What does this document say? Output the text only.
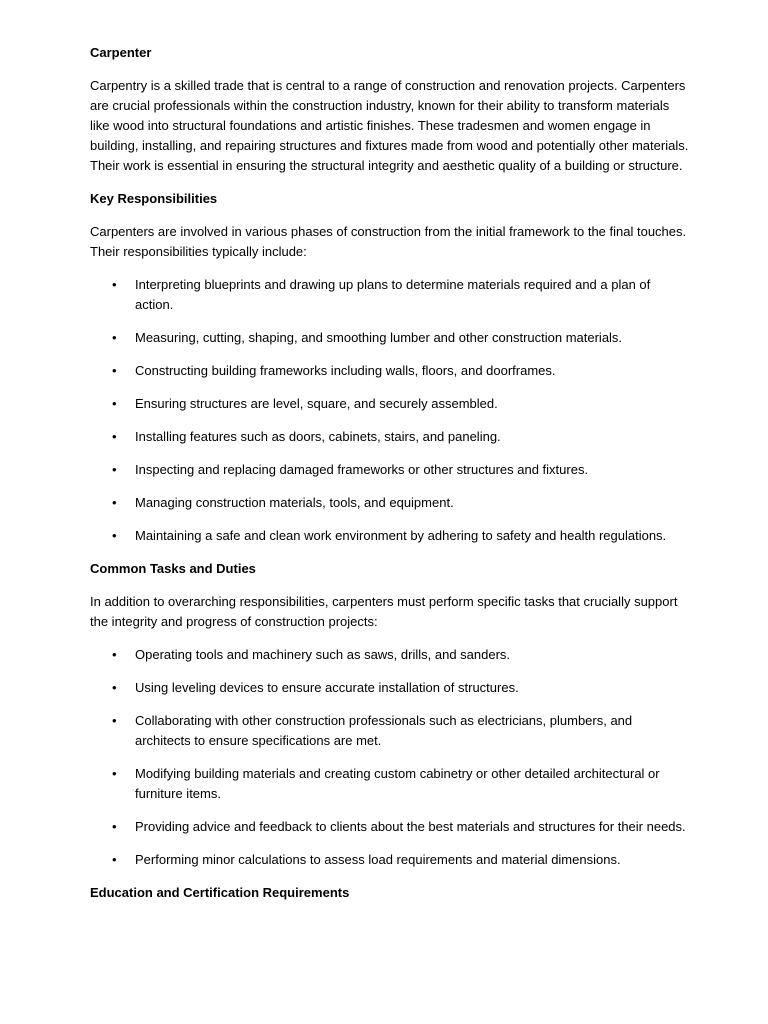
Carpenter
Carpentry is a skilled trade that is central to a range of construction and renovation projects. Carpenters are crucial professionals within the construction industry, known for their ability to transform materials like wood into structural foundations and artistic finishes. These tradesmen and women engage in building, installing, and repairing structures and fixtures made from wood and potentially other materials. Their work is essential in ensuring the structural integrity and aesthetic quality of a building or structure.
Key Responsibilities
Carpenters are involved in various phases of construction from the initial framework to the final touches. Their responsibilities typically include:
• Interpreting blueprints and drawing up plans to determine materials required and a plan of action.
• Measuring, cutting, shaping, and smoothing lumber and other construction materials.
• Constructing building frameworks including walls, floors, and doorframes.
• Ensuring structures are level, square, and securely assembled.
• Installing features such as doors, cabinets, stairs, and paneling.
• Inspecting and replacing damaged frameworks or other structures and fixtures.
• Managing construction materials, tools, and equipment.
• Maintaining a safe and clean work environment by adhering to safety and health regulations.
Common Tasks and Duties
In addition to overarching responsibilities, carpenters must perform specific tasks that crucially support the integrity and progress of construction projects:
• Operating tools and machinery such as saws, drills, and sanders.
• Using leveling devices to ensure accurate installation of structures.
• Collaborating with other construction professionals such as electricians, plumbers, and architects to ensure specifications are met.
• Modifying building materials and creating custom cabinetry or other detailed architectural or furniture items.
• Providing advice and feedback to clients about the best materials and structures for their needs.
• Performing minor calculations to assess load requirements and material dimensions.
Education and Certification Requirements
